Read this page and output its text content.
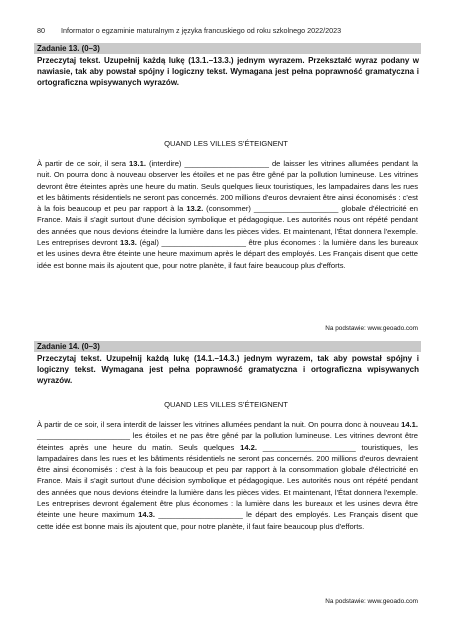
80 Informator o egzaminie maturalnym z języka francuskiego od roku szkolnego 2022/2023
Zadanie 13. (0–3)
Przeczytaj tekst. Uzupełnij każdą lukę (13.1.–13.3.) jednym wyrazem. Przekształć wyraz podany w nawiasie, tak aby powstał spójny i logiczny tekst. Wymagana jest pełna poprawność gramatyczna i ortograficzna wpisywanych wyrazów.
QUAND LES VILLES S'ÉTEIGNENT
À partir de ce soir, il sera 13.1. (interdire) ____________________ de laisser les vitrines allumées pendant la nuit. On pourra donc à nouveau observer les étoiles et ne pas être gêné par la pollution lumineuse. Les vitrines devront être éteintes après une heure du matin. Seuls quelques lieux touristiques, les lampadaires dans les rues et les bâtiments résidentiels ne seront pas concernés. 200 millions d'euros devraient être ainsi économisés : c'est à la fois beaucoup et peu par rapport à la 13.2. (consommer) ____________________ globale d'électricité en France. Mais il s'agit surtout d'une décision symbolique et pédagogique. Les autorités nous ont répété pendant des années que nous devions éteindre la lumière dans les pièces vides. Et maintenant, l'État donnera l'exemple. Les entreprises devront 13.3. (égal) ____________________ être plus économes : la lumière dans les bureaux et les usines devra être éteinte une heure maximum après le départ des employés. Les Français disent que cette idée est bonne mais ils ajoutent que, pour notre planète, il faut faire beaucoup plus d'efforts.
Na podstawie: www.geoado.com
Zadanie 14. (0–3)
Przeczytaj tekst. Uzupełnij każdą lukę (14.1.–14.3.) jednym wyrazem, tak aby powstał spójny i logiczny tekst. Wymagana jest pełna poprawność gramatyczna i ortograficzna wpisywanych wyrazów.
QUAND LES VILLES S'ÉTEIGNENT
À partir de ce soir, il sera interdit de laisser les vitrines allumées pendant la nuit. On pourra donc à nouveau 14.1. ______________________ les étoiles et ne pas être gêné par la pollution lumineuse. Les vitrines devront être éteintes après une heure du matin. Seuls quelques 14.2. ______________________ touristiques, les lampadaires dans les rues et les bâtiments résidentiels ne seront pas concernés. 200 millions d'euros devraient être ainsi économisés : c'est à la fois beaucoup et peu par rapport à la consommation globale d'électricité en France. Mais il s'agit surtout d'une décision symbolique et pédagogique. Les autorités nous ont répété pendant des années que nous devions éteindre la lumière dans les pièces vides. Et maintenant, l'État donnera l'exemple. Les entreprises devront également être plus économes : la lumière dans les bureaux et les usines devra être éteinte une heure maximum 14.3. ____________________ le départ des employés. Les Français disent que cette idée est bonne mais ils ajoutent que, pour notre planète, il faut faire beaucoup plus d'efforts.
Na podstawie: www.geoado.com
